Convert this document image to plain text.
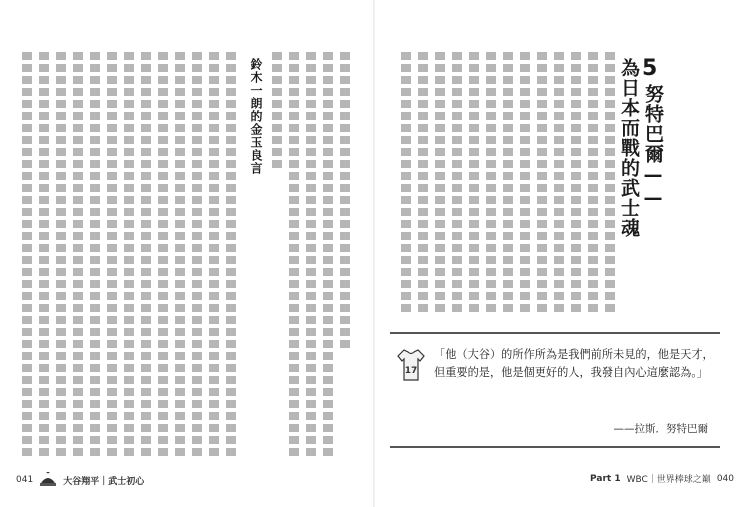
鈴木一朗的金玉良言	5
努特巴爾——
為日本而戰的武士魂
17
「他（大谷）的所作所為是我們前所未見的，他是天才，但重要的是，他是個更好的人，我發自內心這麼認為。」
——拉斯．努特巴爾
041	大谷翔平｜武士初心	Part 1 WBC｜世界棒球之巔 040
